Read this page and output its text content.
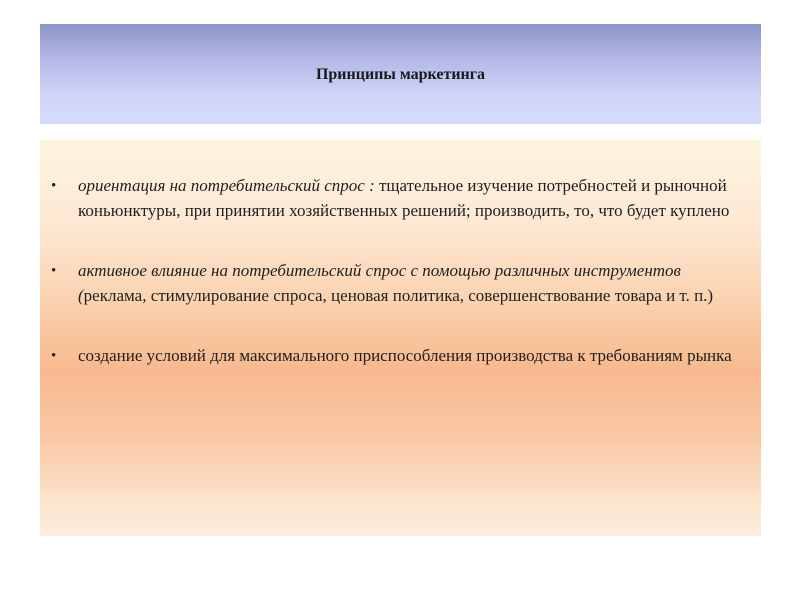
Принципы маркетинга
• ориентация на потребительский спрос : тщательное изучение потребностей и рыночной коньюнктуры, при принятии хозяйственных решений; производить, то, что будет куплено
• активное влияние на потребительский спрос с помощью различных инструментов (реклама, стимулирование спроса, ценовая политика, совершенствование товара и т. п.)
• создание условий для максимального приспособления производства к требованиям рынка
